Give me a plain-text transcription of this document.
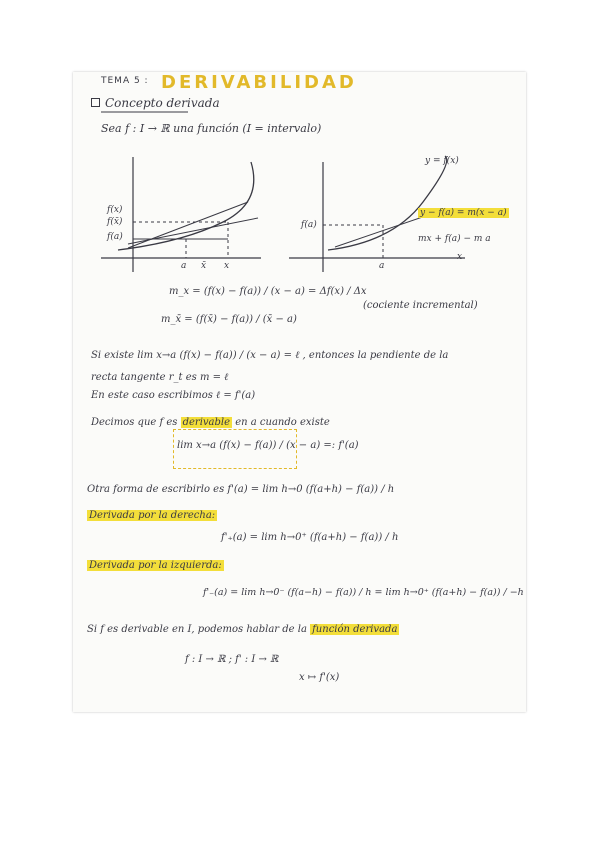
TEMA 5 : DERIVABILIDAD
Concepto derivada
Sea f : I → ℝ una función (I = intervalo)
y = f(x)
f(x)
f(x̄)
f(a)
a x̄ x
f(a)
a
x
y − f(a) = m(x − a)
mx + f(a) − m a
m_x = (f(x) − f(a)) / (x − a) = Δf(x) / Δx
(cociente incremental)
m_x̄ = (f(x̄) − f(a)) / (x̄ − a)
Si existe lim x→a (f(x) − f(a)) / (x − a) = ℓ , entonces la pendiente de la
recta tangente r_t es m = ℓ
En este caso escribimos ℓ = f'(a)
Decimos que f es derivable en a cuando existe
lim x→a (f(x) − f(a)) / (x − a) =: f'(a)
Otra forma de escribirlo es f'(a) = lim h→0 (f(a+h) − f(a)) / h
Derivada por la derecha:
f'₊(a) = lim h→0⁺ (f(a+h) − f(a)) / h
Derivada por la izquierda:
f'₋(a) = lim h→0⁻ (f(a−h) − f(a)) / h = lim h→0⁺ (f(a+h) − f(a)) / −h
Si f es derivable en I, podemos hablar de la función derivada
f : I → ℝ ; f' : I → ℝ
x ↦ f'(x)
